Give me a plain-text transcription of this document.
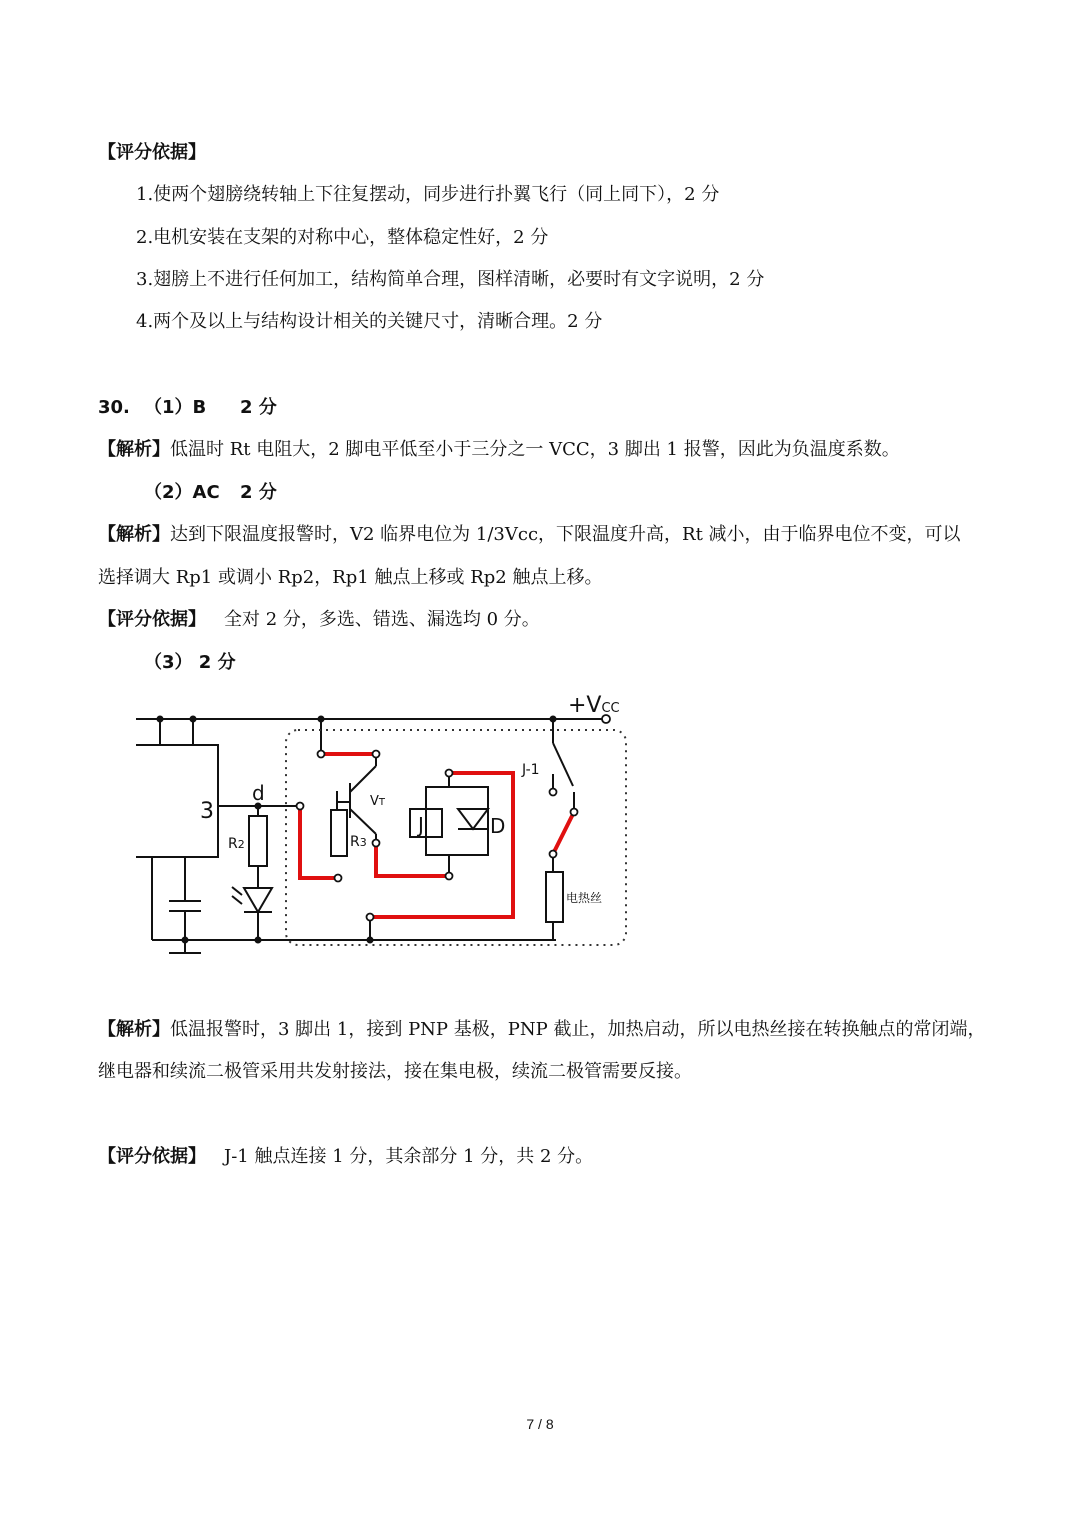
【评分依据】
1.使两个翅膀绕转轴上下往复摆动，同步进行扑翼飞行（同上同下），2 分
2.电机安装在支架的对称中心，整体稳定性好，2 分
3.翅膀上不进行任何加工，结构简单合理，图样清晰，必要时有文字说明，2 分
4.两个及以上与结构设计相关的关键尺寸，清晰合理。2 分
30. （1）B 2 分
【解析】低温时 Rt 电阻大，2 脚电平低至小于三分之一 VCC，3 脚出 1 报警，因此为负温度系数。
（2）AC 2 分
【解析】达到下限温度报警时，V2 临界电位为 1/3Vcc，下限温度升高，Rt 减小，由于临界电位不变，可以
选择调大 Rp1 或调小 Rp2，Rp1 触点上移或 Rp2 触点上移。
【评分依据】 全对 2 分，多选、错选、漏选均 0 分。
（3） 2 分
+VCC
3
d
R2	R3
VT
J	D
J-1
电热丝
【解析】低温报警时，3 脚出 1，接到 PNP 基极，PNP 截止，加热启动，所以电热丝接在转换触点的常闭端，
继电器和续流二极管采用共发射接法，接在集电极，续流二极管需要反接。
【评分依据】 J-1 触点连接 1 分，其余部分 1 分，共 2 分。
7 / 8
